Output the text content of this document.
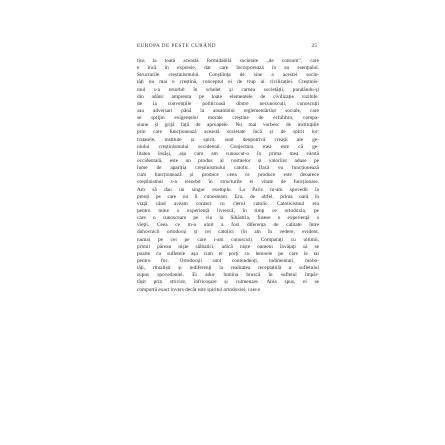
EUROPA DE PESTE CURÂND	25
tins la toată această formidabilă societate „de consum”, care
e încă în expresie, dar care încorporează în ea esențialul.
Structurile creștinismului. Conștiința de sine a acestei socie-
tăți nu mai e creștină, conceptul ei de trup al civilizației. Creștinis-
mul s-a resorbit în schelet și carnea societății, pundându-și
din adânc amprenta pe toate elementele de civilizație vizibile:
de la convențiile politicoasă dintre necunoscuți, cunoscuții
sau adversari până la ansamblul reglementărilor sociale, care
se sprijin exigențelor morale creștine de echilibru, compa-
siune și grijă față de aproapele. Nu mai vorbesc de instituțiile
prin care funcționează această societate încă și de spirit lor:
tratatele, institute și spirit, sunt deopotrivă creații ale ge-
niului creștinismului occidental. Conjectura mea este că ge-
litatea însăși, așa cum am cunoscut-o în prima mea vârstă
occidentală, este un produs al normelor și valorilor aduse pe
lume de apariția creștinismului catolic. Dacă ea funcționează
cum funcționează și produce ceea ce produce este deoarece
creștinismul s-a resorbit în structurile ei vitale de funcționare.
Am să dau un singur exemplu. La Paris m-am spovedit la
preoți pe care nu îi cunosteam. Era, de altfel, prima oară în
viață când aveam contact cu clerul catolic. Catolicismul era
pentru mine o experiență livrescă, în timp ce ortodoxia, pe
care o cunosceam pe viu la Sihăstria, fusese o experiență a
vieții. Ceea ce m-a uluit a fost diferența de calitate între
duhovnicii ortodocși și cei catolici (în am în vedere, evident,
numai pe cei pe care i-am cunoscut). Comparați cu ultimii,
primii păreau niște sălbatici, adică niște oameni învățați să se
poarte cu sufletele așa cum te porți cu lemnele pe care le tai
pentru foc. Ortodocșii sunt contondenți, rudimentari, mobo-
tăți, ritualiști și indiferenți la realitatea receptabilă a sufletului
supus spovedaniei. Ei aduc lumina bruscă în sufletul împăr-
tășit prin strivire, înfricoșare și culmenare. Abia spus, ei se
comportă exact invers decât este spiritul ortodoxiei, care e
